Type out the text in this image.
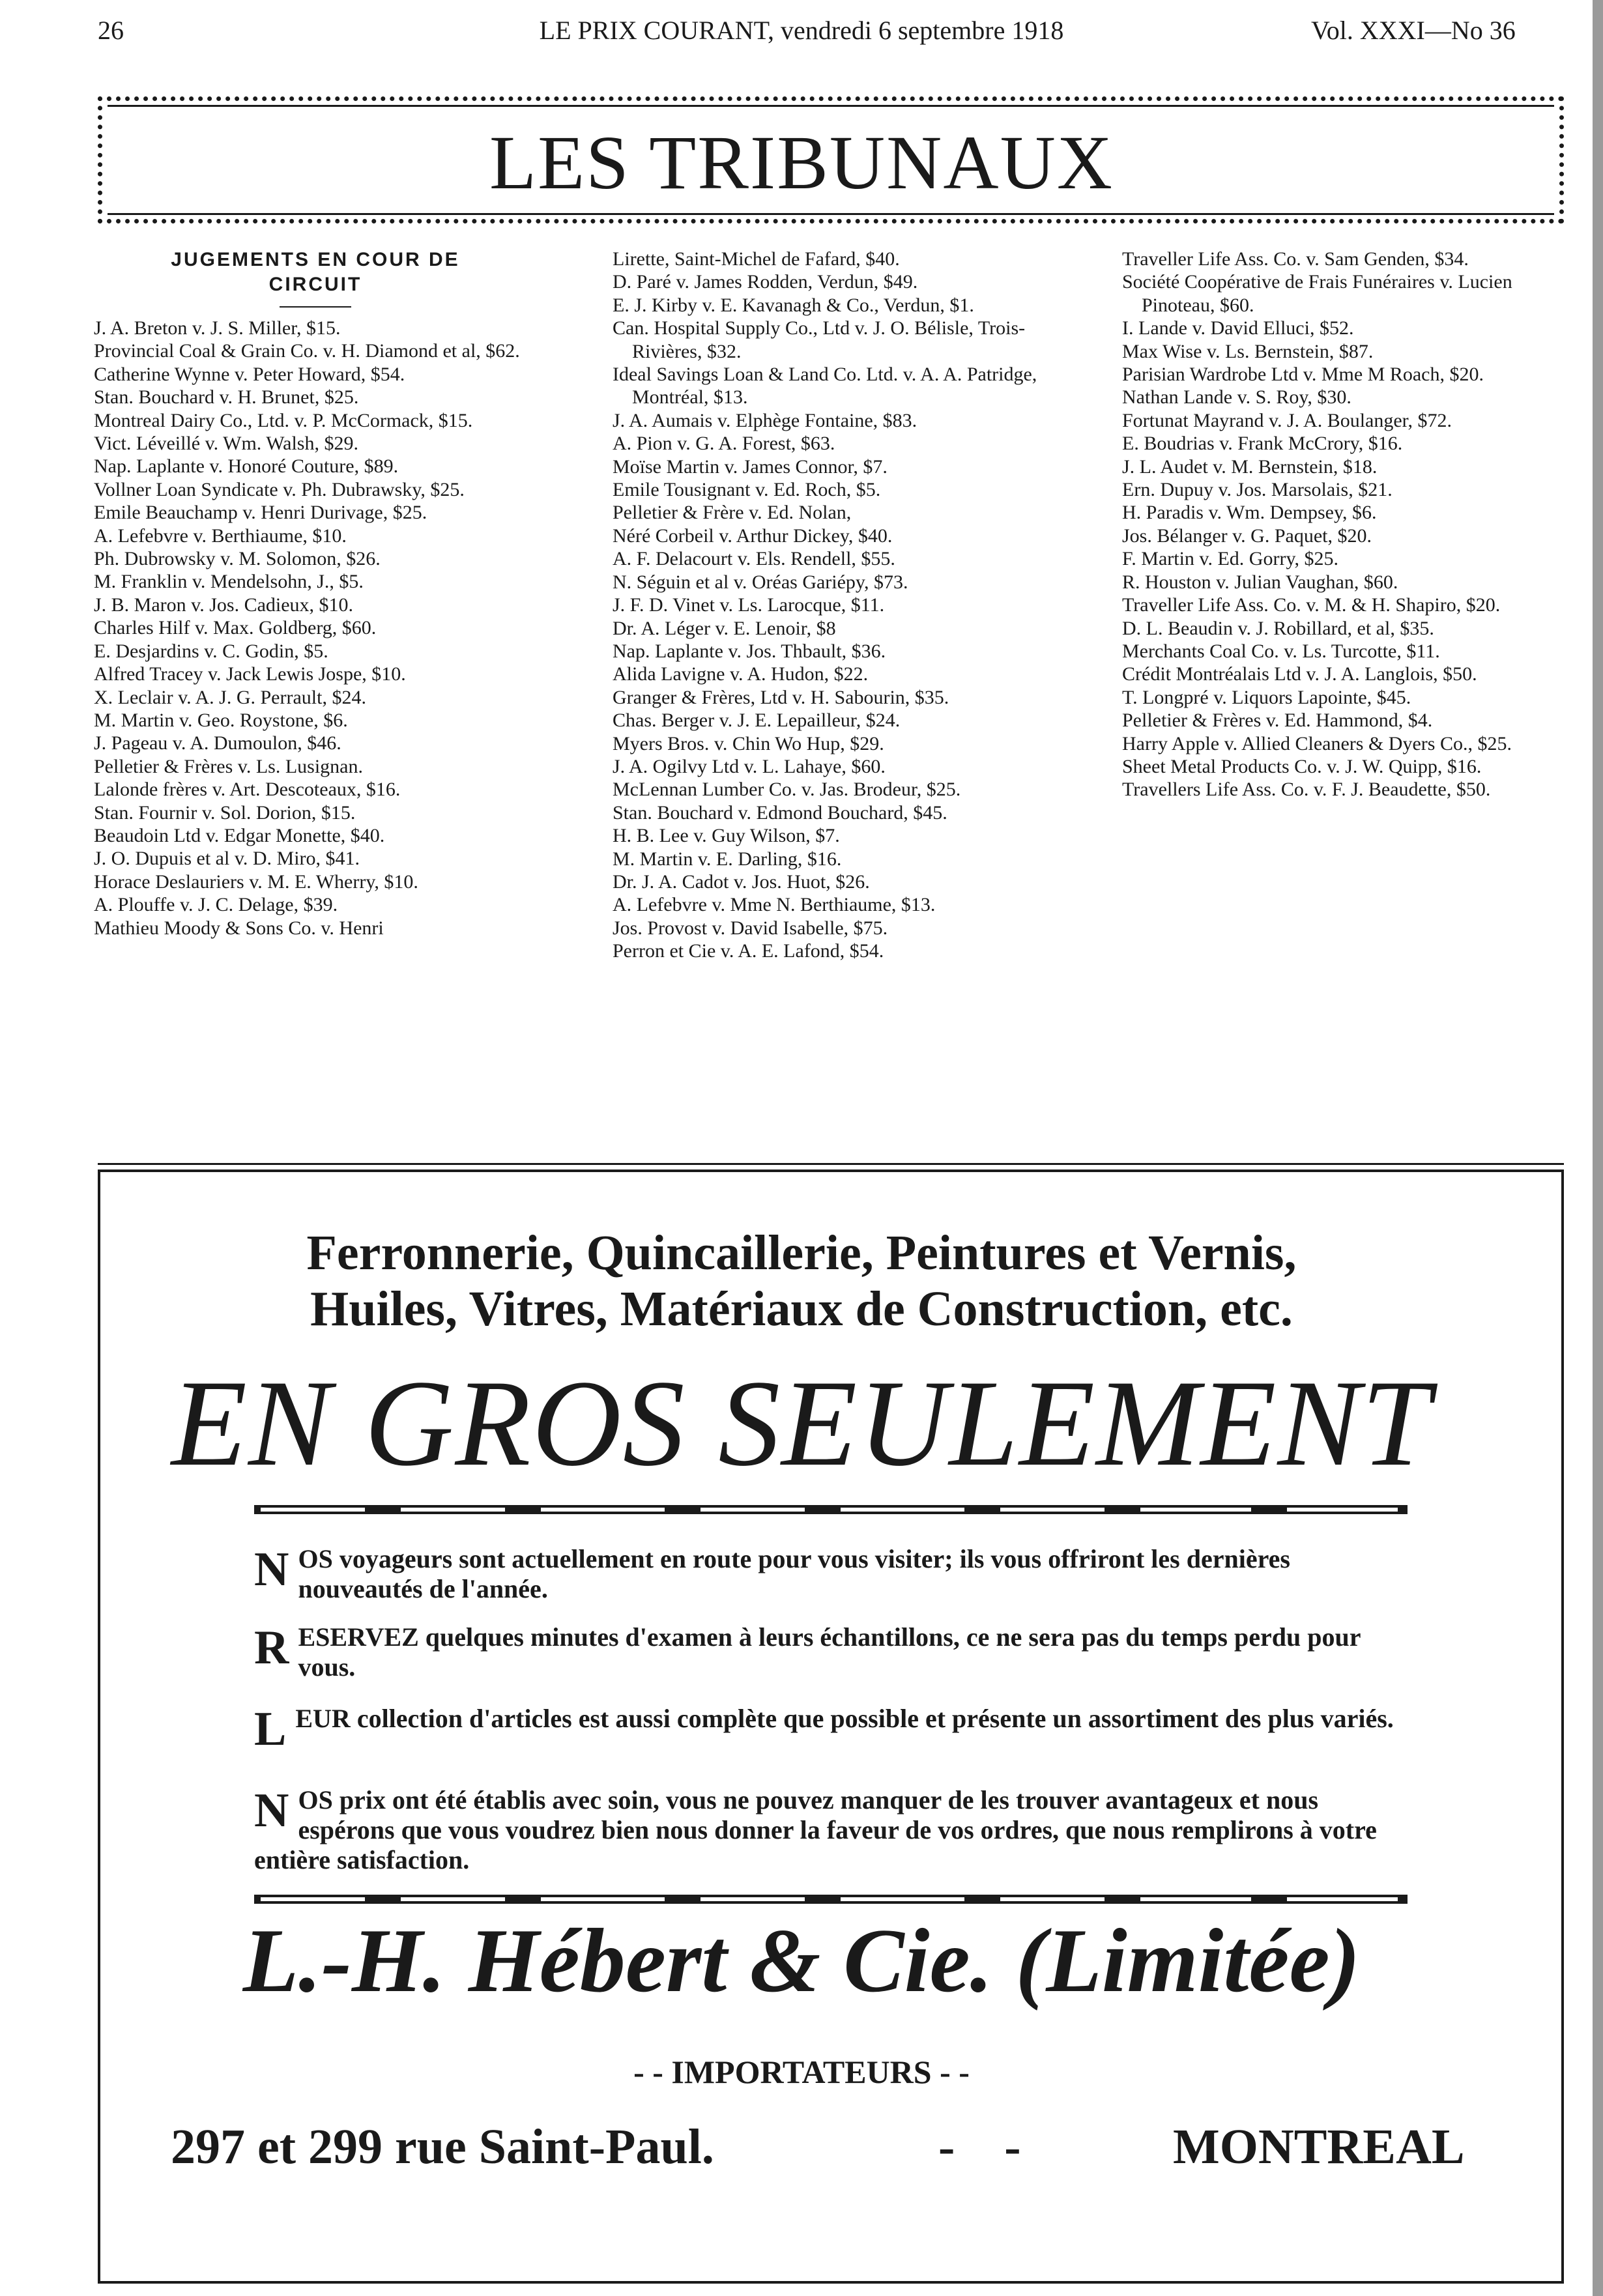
26	LE PRIX COURANT, vendredi 6 septembre 1918	Vol. XXXI—No 36
LES TRIBUNAUX
JUGEMENTS EN COUR DE
CIRCUIT

J. A. Breton v. J. S. Miller, $15.

Provincial Coal & Grain Co. v. H. Diamond et al, $62.

Catherine Wynne v. Peter Howard, $54.

Stan. Bouchard v. H. Brunet, $25.

Montreal Dairy Co., Ltd. v. P. McCormack, $15.

Vict. Léveillé v. Wm. Walsh, $29.

Nap. Laplante v. Honoré Couture, $89.

Vollner Loan Syndicate v. Ph. Dubrawsky, $25.

Emile Beauchamp v. Henri Durivage, $25.

A. Lefebvre v. Berthiaume, $10.

Ph. Dubrowsky v. M. Solomon, $26.

M. Franklin v. Mendelsohn, J., $5.

J. B. Maron v. Jos. Cadieux, $10.

Charles Hilf v. Max. Goldberg, $60.

E. Desjardins v. C. Godin, $5.

Alfred Tracey v. Jack Lewis Jospe, $10.

X. Leclair v. A. J. G. Perrault, $24.

M. Martin v. Geo. Roystone, $6.

J. Pageau v. A. Dumoulon, $46.

Pelletier & Frères v. Ls. Lusignan.

Lalonde frères v. Art. Descoteaux, $16.

Stan. Fournir v. Sol. Dorion, $15.

Beaudoin Ltd v. Edgar Monette, $40.

J. O. Dupuis et al v. D. Miro, $41.

Horace Deslauriers v. M. E. Wherry, $10.

A. Plouffe v. J. C. Delage, $39.

Mathieu Moody & Sons Co. v. Henri

Lirette, Saint-Michel de Fafard, $40.

D. Paré v. James Rodden, Verdun, $49.

E. J. Kirby v. E. Kavanagh & Co., Verdun, $1.

Can. Hospital Supply Co., Ltd v. J. O. Bélisle, Trois-Rivières, $32.

Ideal Savings Loan & Land Co. Ltd. v. A. A. Patridge, Montréal, $13.

J. A. Aumais v. Elphège Fontaine, $83.

A. Pion v. G. A. Forest, $63.

Moïse Martin v. James Connor, $7.

Emile Tousignant v. Ed. Roch, $5.

Pelletier & Frère v. Ed. Nolan,

Néré Corbeil v. Arthur Dickey, $40.

A. F. Delacourt v. Els. Rendell, $55.

N. Séguin et al v. Oréas Gariépy, $73.

J. F. D. Vinet v. Ls. Larocque, $11.

Dr. A. Léger v. E. Lenoir, $8

Nap. Laplante v. Jos. Thbault, $36.

Alida Lavigne v. A. Hudon, $22.

Granger & Frères, Ltd v. H. Sabourin, $35.

Chas. Berger v. J. E. Lepailleur, $24.

Myers Bros. v. Chin Wo Hup, $29.

J. A. Ogilvy Ltd v. L. Lahaye, $60.

McLennan Lumber Co. v. Jas. Brodeur, $25.

Stan. Bouchard v. Edmond Bouchard, $45.

H. B. Lee v. Guy Wilson, $7.

M. Martin v. E. Darling, $16.

Dr. J. A. Cadot v. Jos. Huot, $26.

A. Lefebvre v. Mme N. Berthiaume, $13.

Jos. Provost v. David Isabelle, $75.

Perron et Cie v. A. E. Lafond, $54.

Traveller Life Ass. Co. v. Sam Genden, $34.

Société Coopérative de Frais Funéraires v. Lucien Pinoteau, $60.

I. Lande v. David Elluci, $52.

Max Wise v. Ls. Bernstein, $87.

Parisian Wardrobe Ltd v. Mme M Roach, $20.

Nathan Lande v. S. Roy, $30.

Fortunat Mayrand v. J. A. Boulanger, $72.

E. Boudrias v. Frank McCrory, $16.

J. L. Audet v. M. Bernstein, $18.

Ern. Dupuy v. Jos. Marsolais, $21.

H. Paradis v. Wm. Dempsey, $6.

Jos. Bélanger v. G. Paquet, $20.

F. Martin v. Ed. Gorry, $25.

R. Houston v. Julian Vaughan, $60.

Traveller Life Ass. Co. v. M. & H. Shapiro, $20.

D. L. Beaudin v. J. Robillard, et al, $35.

Merchants Coal Co. v. Ls. Turcotte, $11.

Crédit Montréalais Ltd v. J. A. Langlois, $50.

T. Longpré v. Liquors Lapointe, $45.

Pelletier & Frères v. Ed. Hammond, $4.

Harry Apple v. Allied Cleaners & Dyers Co., $25.

Sheet Metal Products Co. v. J. W. Quipp, $16.

Travellers Life Ass. Co. v. F. J. Beaudette, $50.

Ferronnerie, Quincaillerie, Peintures et Vernis,
Huiles, Vitres, Matériaux de Construction, etc.
EN GROS SEULEMENT
NOS voyageurs sont actuellement en route pour vous visiter; ils vous offriront les dernières nouveautés de l'année.
RESERVEZ quelques minutes d'examen à leurs échantillons, ce ne sera pas du temps perdu pour vous.
LEUR collection d'articles est aussi complète que possible et présente un assortiment des plus variés.
NOS prix ont été établis avec soin, vous ne pouvez manquer de les trouver avantageux et nous espérons que vous voudrez bien nous donner la faveur de vos ordres, que nous remplirons à votre entière satisfaction.
L.-H. Hébert & Cie. (Limitée)
- - IMPORTATEURS - -
297 et 299 rue Saint-Paul.	-    -	MONTREAL
